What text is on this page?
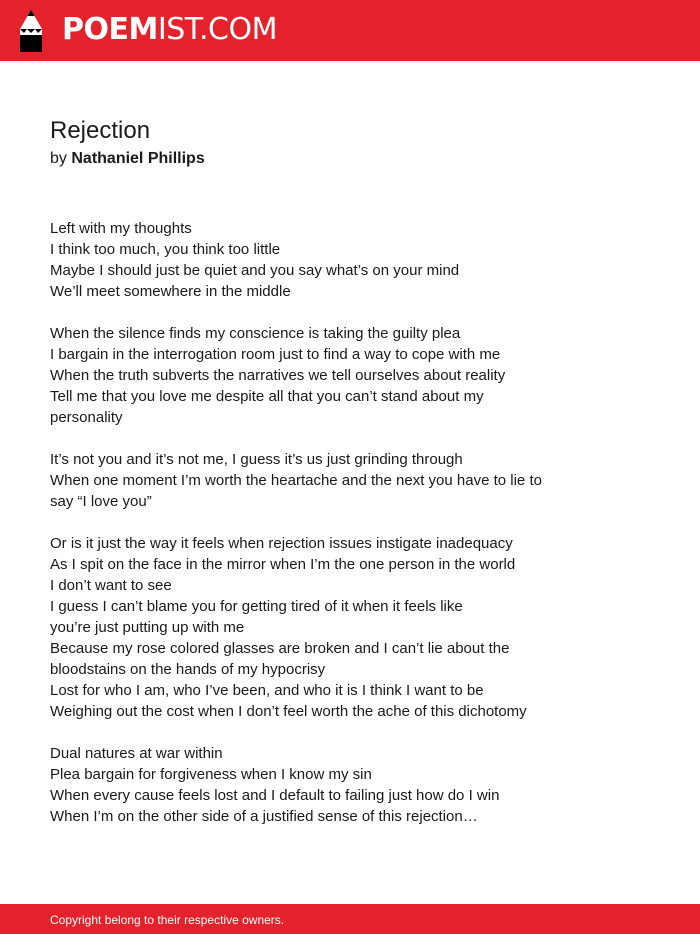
POEMIST.COM
Rejection
by Nathaniel Phillips
Left with my thoughts
I think too much, you think too little
Maybe I should just be quiet and you say what’s on your mind
We’ll meet somewhere in the middle
When the silence finds my conscience is taking the guilty plea
I bargain in the interrogation room just to find a way to cope with me
When the truth subverts the narratives we tell ourselves about reality
Tell me that you love me despite all that you can’t stand about my
personality
It’s not you and it’s not me, I guess it’s us just grinding through
When one moment I’m worth the heartache and the next you have to lie to
say “I love you”
Or is it just the way it feels when rejection issues instigate inadequacy
As I spit on the face in the mirror when I’m the one person in the world
I don’t want to see
I guess I can’t blame you for getting tired of it when it feels like
you’re just putting up with me
Because my rose colored glasses are broken and I can’t lie about the
bloodstains on the hands of my hypocrisy
Lost for who I am, who I’ve been, and who it is I think I want to be
Weighing out the cost when I don’t feel worth the ache of this dichotomy
Dual natures at war within
Plea bargain for forgiveness when I know my sin
When every cause feels lost and I default to failing just how do I win
When I’m on the other side of a justified sense of this rejection…
Copyright belong to their respective owners.
